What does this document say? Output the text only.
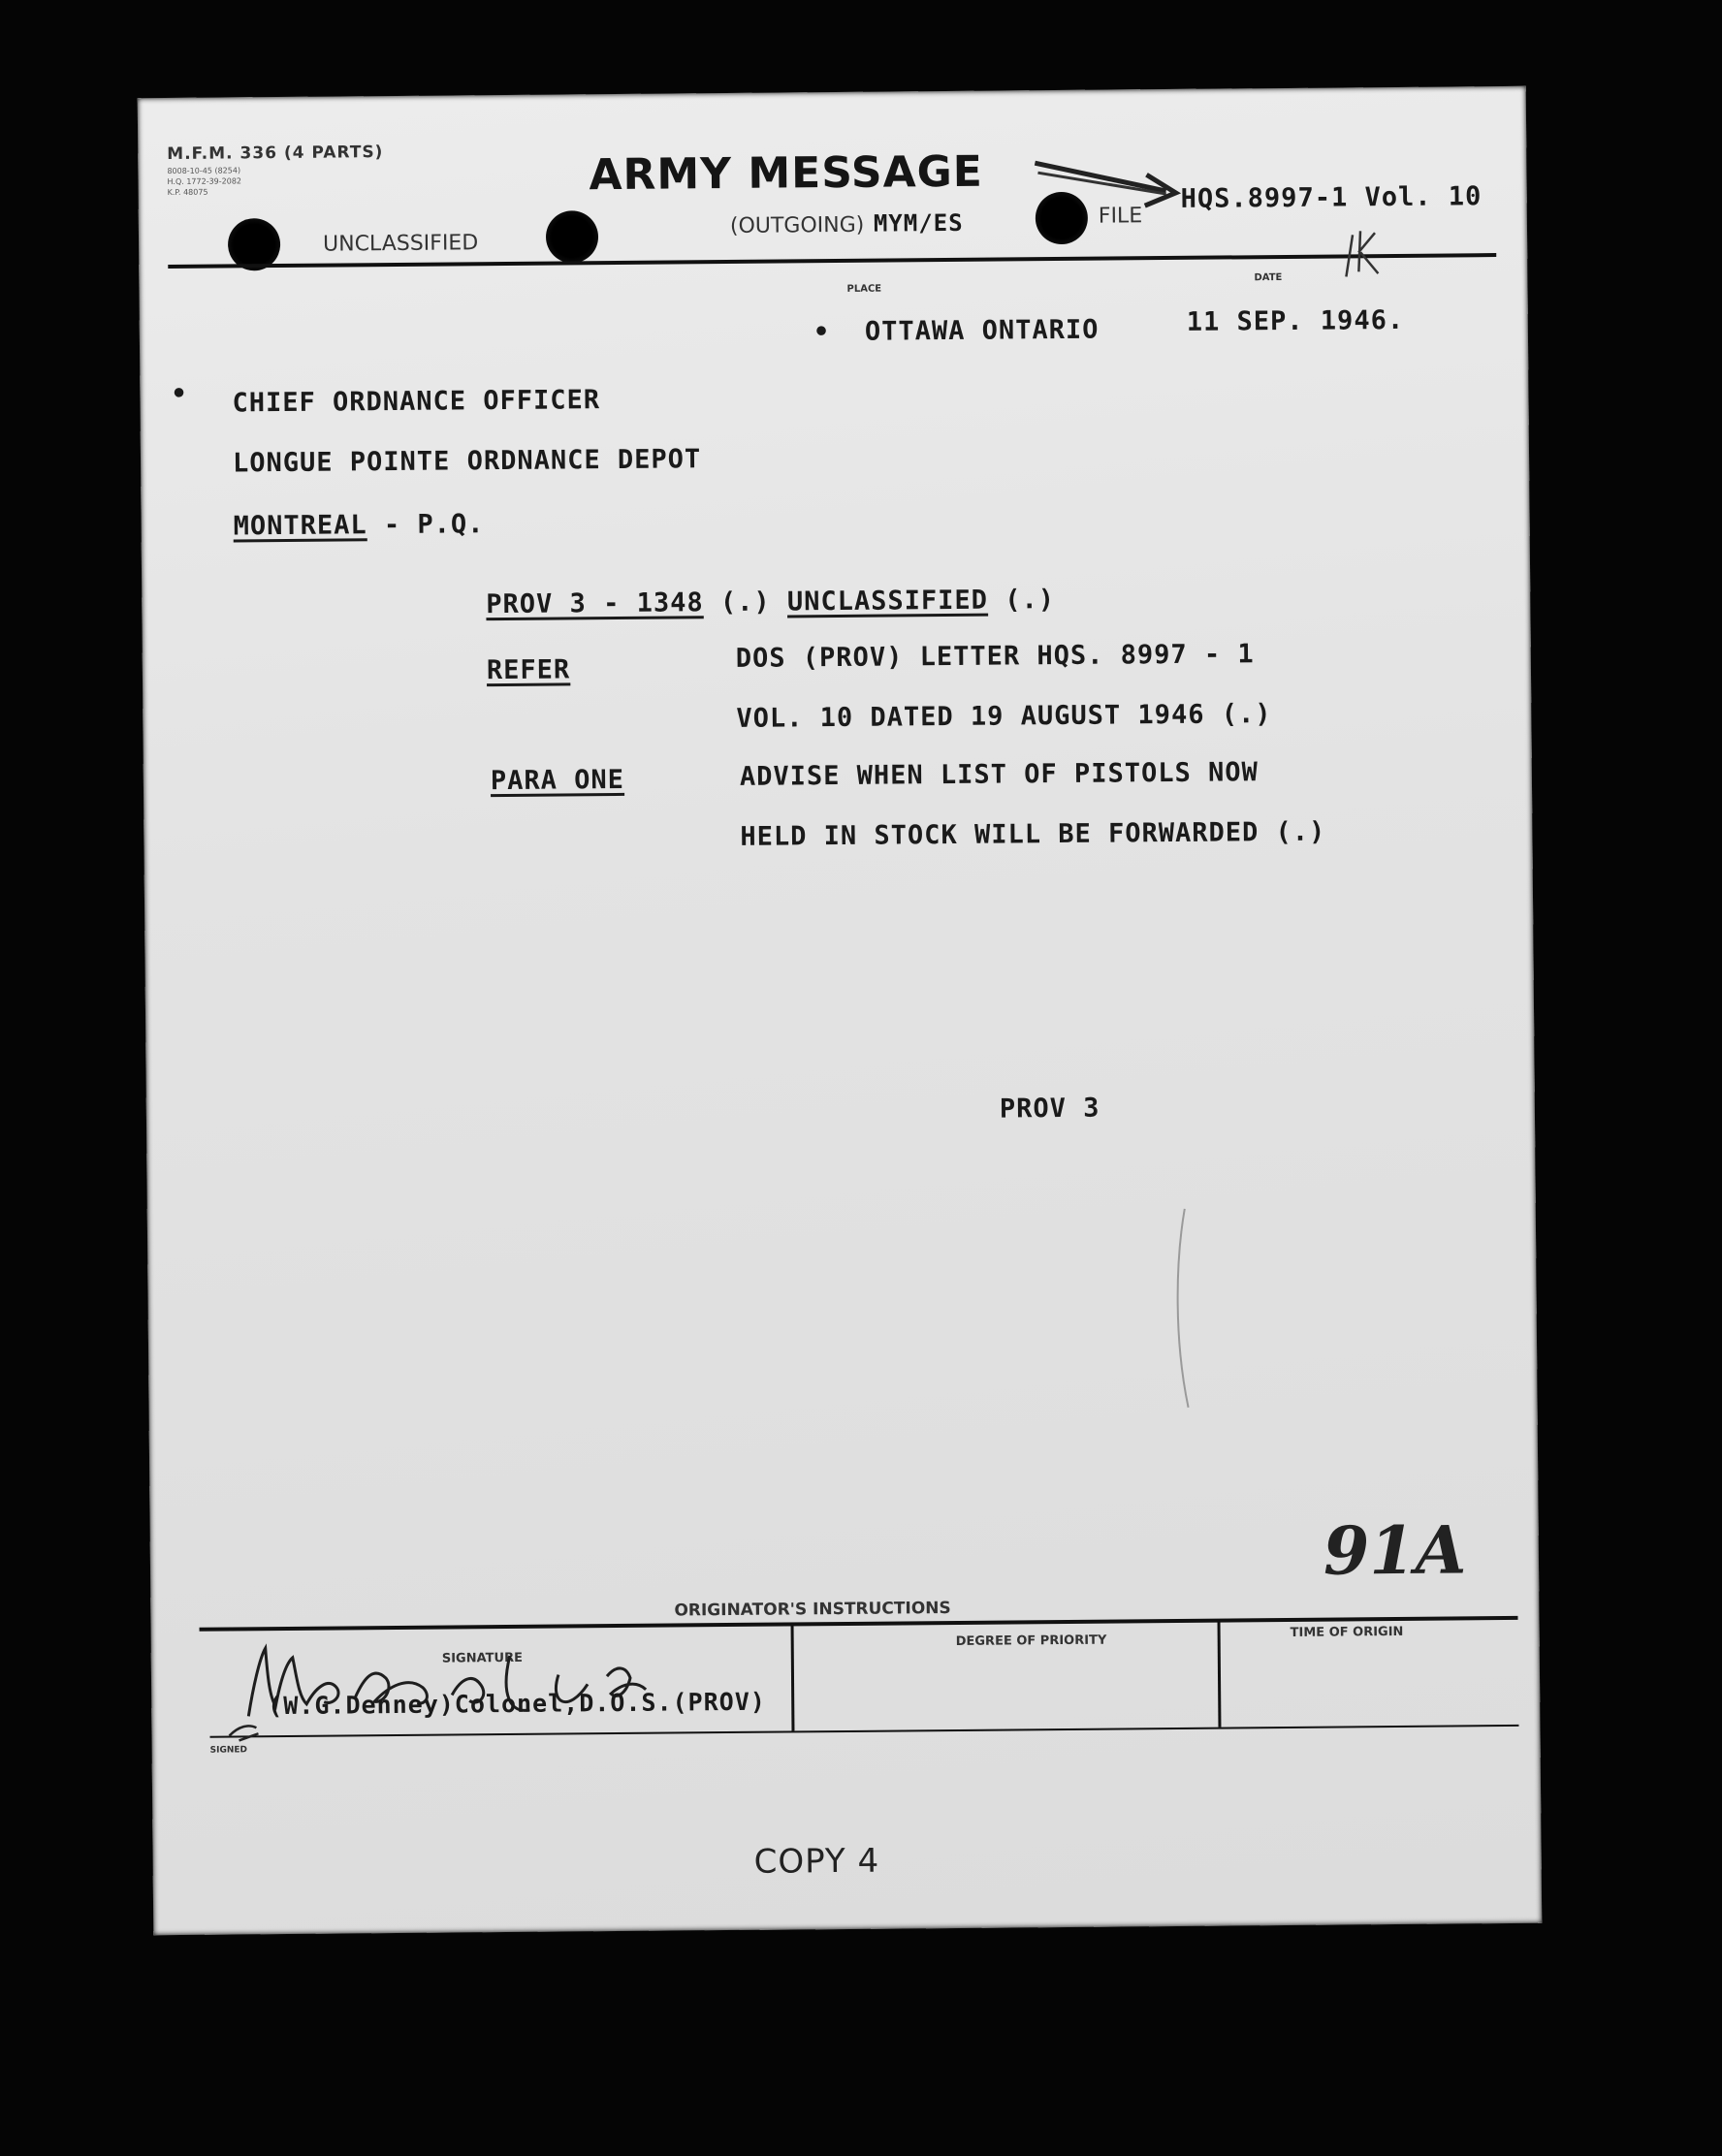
M.F.M. 336 (4 PARTS)
8008-10-45 (8254)
H.Q. 1772-39-2082
K.P. 48075	ARMY MESSAGE
UNCLASSIFIED
(OUTGOING) MYM/ES	FILE
HQS.8997-1 Vol. 10
PLACE
DATE
• OTTAWA ONTARIO	11 SEP. 1946.
• CHIEF ORDNANCE OFFICER
LONGUE POINTE ORDNANCE DEPOT
MONTREAL - P.Q.
PROV 3 - 1348 (.) UNCLASSIFIED (.)
REFER	DOS (PROV) LETTER HQS. 8997 - 1
VOL. 10 DATED 19 AUGUST 1946 (.)
PARA ONE	ADVISE WHEN LIST OF PISTOLS NOW
HELD IN STOCK WILL BE FORWARDED (.)
PROV 3
91A
ORIGINATOR'S INSTRUCTIONS
SIGNATURE
DEGREE OF PRIORITY
TIME OF ORIGIN
SIGNED
(W.G.Denney)Colonel,D.O.S.(PROV)
COPY 4
